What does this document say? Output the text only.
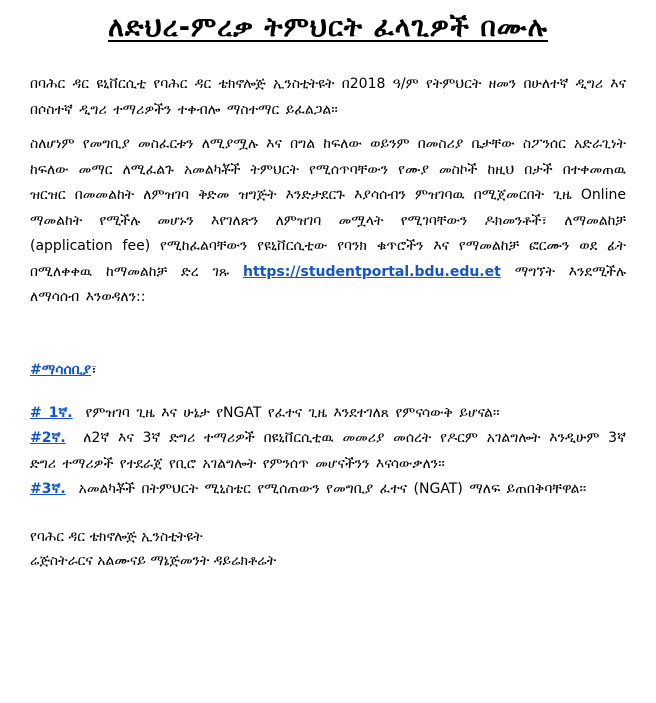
ለድህረ-ምረቃ ትምህርት ፈላጊዎች በሙሉ

በባሕር ዳር ዩኒቨርሲቲ የባሕር ዳር ቴክኖሎጅ ኢንስቲትዩት በ2018 ዓ/ም የትምህርት ዘመን በሁለተኛ ዲግሪ እና በሶስተኛ ዲግሪ ተማሪዎችን ተቀብሎ ማስተማር ይፈልጋል፡፡

ስለሆነም የመግቢያ መስፈርቱን ለሚያሟሉ እና በግል ከፍለው ወይንም በመስሪያ ቤታቸው ስፖንሰር አድራጊነት ከፍለው መማር ለሚፈልጉ አመልካቾች ትምህርት የሚሰጥባቸውን የሙያ መስኮች ከዚህ በታች በተቀመጠዉ ዝርዝር በመመልከት ለምዝገባ ቅድመ ዝግጅት እንድታደርጉ እያሳሰብን ምዝገባዉ በሚጀመርበት ጊዜ Online ማመልከት የሚችሉ መሆኑን እየገለጽን ለምዝገባ መሟላት የሚገባቸውን ዶክመንቶች፣ ለማመልከቻ (application fee) የሚከፈልባቸውን የዩኒቨርሲቲው የባንክ ቁጥሮችን እና የማመልከቻ ፎርሙን ወደ ፊት በሚለቀቀዉ ከማመልከቻ ድረ ገጹ https://studentportal.bdu.edu.et ማግኘት እንደሚችሉ ለማሳሰብ እንወዳለን::

#ማሳሰቢያ፣

# 1ኛ. የምዝገባ ጊዜ እና ሁኔታ የNGAT የፈተና ጊዜ እንደተገለጸ የምናሳውቅ ይሆናል፡፡

#2ኛ. ለ2ኛ እና 3ኛ ድግሪ ተማሪዎች በዩኒቨርሲቲዉ መመሪያ መሰረት የዶርም አገልግሎት እንዲሁም 3ኛ ድግሪ ተማሪዎች የተደራጀ የቢሮ አገልግሎት የምንሰጥ መሆናችንን እናሳውቃለን፡፡

#3ኛ. አመልካቾች በትምህርት ሚኒስቴር የሚሰጠውን የመግቢያ ፈተና (NGAT) ማለፍ ይጠበቅባቸዋል፡፡

የባሕር ዳር ቴክኖሎጅ ኢንስቲትዩት

ሬጅስትራርና አልሙናይ ማኔጅመንት ዳይሬክቶሬት
